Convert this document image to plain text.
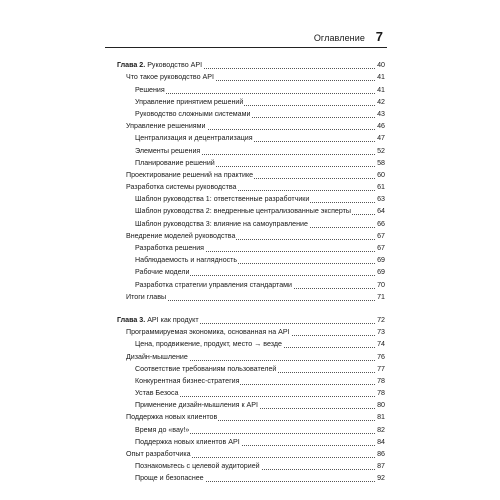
Оглавление 7
Глава 2. Руководство API	40
Что такое руководство API	41
Решения	41
Управление принятием решений	42
Руководство сложными системами	43
Управление решениями	46
Централизация и децентрализация	47
Элементы решения	52
Планирование решений	58
Проектирование решений на практике	60
Разработка системы руководства	61
Шаблон руководства 1: ответственные разработчики	63
Шаблон руководства 2: внедренные централизованные эксперты	64
Шаблон руководства 3: влияние на самоуправление	66
Внедрение моделей руководства	67
Разработка решения	67
Наблюдаемость и наглядность	69
Рабочие модели	69
Разработка стратегии управления стандартами	70
Итоги главы	71
Глава 3. API как продукт	72
Программируемая экономика, основанная на API	73
Цена, продвижение, продукт, место → везде	74
Дизайн-мышление	76
Соответствие требованиям пользователей	77
Конкурентная бизнес-стратегия	78
Устав Безоса	78
Применение дизайн-мышления к API	80
Поддержка новых клиентов	81
Время до «вау!»	82
Поддержка новых клиентов API	84
Опыт разработчика	86
Познакомьтесь с целевой аудиторией	87
Проще и безопаснее	92
